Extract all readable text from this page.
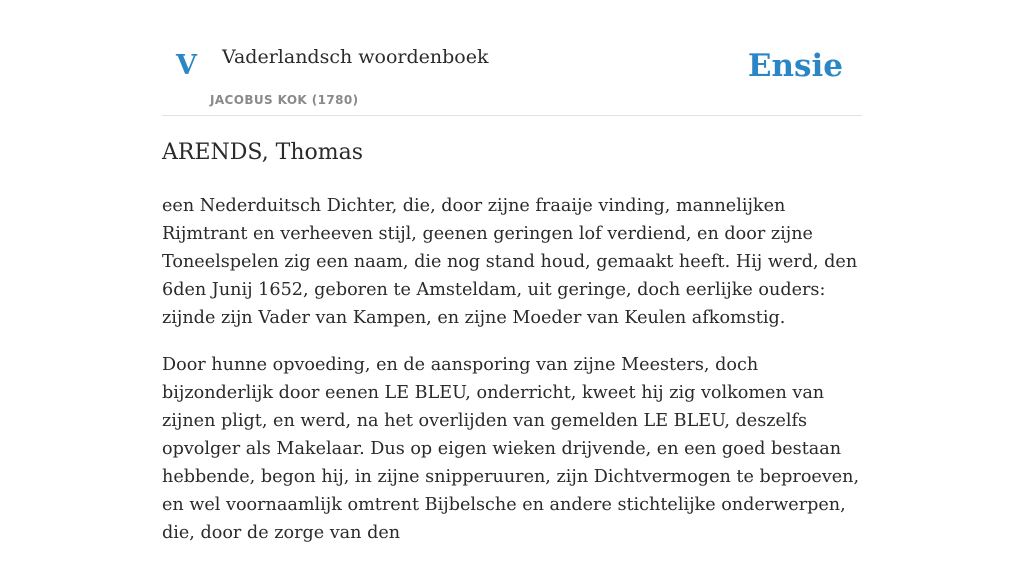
V Vaderlandsch woordenboek
JACOBUS KOK (1780)
Ensie
ARENDS, Thomas

een Nederduitsch Dichter, die, door zijne fraaije vinding, mannelijken Rijmtrant en verheeven stijl, geenen geringen lof verdiend, en door zijne Toneelspelen zig een naam, die nog stand houd, gemaakt heeft. Hij werd, den 6den Junij 1652, geboren te Amsteldam, uit geringe, doch eerlijke ouders: zijnde zijn Vader van Kampen, en zijne Moeder van Keulen afkomstig.

Door hunne opvoeding, en de aansporing van zijne Meesters, doch bijzonderlijk door eenen LE BLEU, onderricht, kweet hij zig volkomen van zijnen pligt, en werd, na het overlijden van gemelden LE BLEU, deszelfs opvolger als Makelaar. Dus op eigen wieken drijvende, en een goed bestaan hebbende, begon hij, in zijne snipperuuren, zijn Dichtvermogen te beproeven, en wel voornaamlijk omtrent Bijbelsche en andere stichtelijke onderwerpen, die, door de zorge van den
